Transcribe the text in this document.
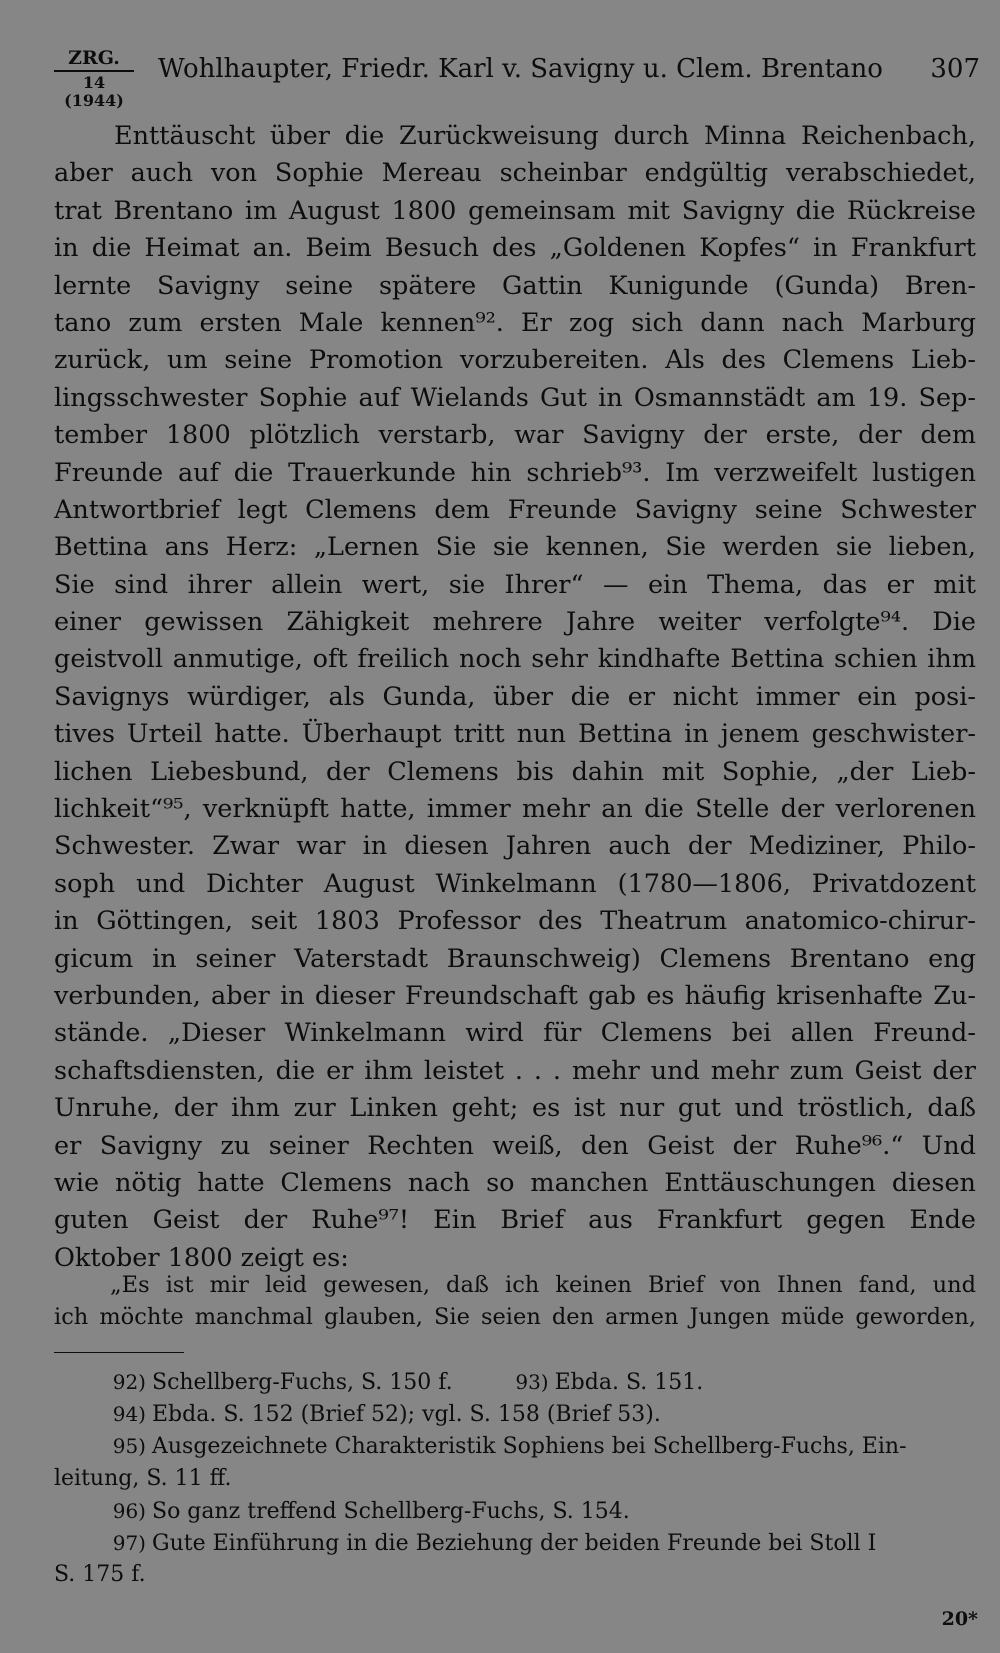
ZRG.
14 (1944)
Wohlhaupter, Friedr. Karl v. Savigny u. Clem. Brentano 307
Enttäuscht über die Zurückweisung durch Minna Reichenbach,
aber auch von Sophie Mereau scheinbar endgültig verabschiedet,
trat Brentano im August 1800 gemeinsam mit Savigny die Rückreise
in die Heimat an. Beim Besuch des „Goldenen Kopfes“ in Frankfurt
lernte Savigny seine spätere Gattin Kunigunde (Gunda) Bren-
tano zum ersten Male kennen⁹². Er zog sich dann nach Marburg
zurück, um seine Promotion vorzubereiten. Als des Clemens Lieb-
lingsschwester Sophie auf Wielands Gut in Osmannstädt am 19. Sep-
tember 1800 plötzlich verstarb, war Savigny der erste, der dem
Freunde auf die Trauerkunde hin schrieb⁹³. Im verzweifelt lustigen
Antwortbrief legt Clemens dem Freunde Savigny seine Schwester
Bettina ans Herz: „Lernen Sie sie kennen, Sie werden sie lieben,
Sie sind ihrer allein wert, sie Ihrer“ — ein Thema, das er mit
einer gewissen Zähigkeit mehrere Jahre weiter verfolgte⁹⁴. Die
geistvoll anmutige, oft freilich noch sehr kindhafte Bettina schien ihm
Savignys würdiger, als Gunda, über die er nicht immer ein posi-
tives Urteil hatte. Überhaupt tritt nun Bettina in jenem geschwister-
lichen Liebesbund, der Clemens bis dahin mit Sophie, „der Lieb-
lichkeit“⁹⁵, verknüpft hatte, immer mehr an die Stelle der verlorenen
Schwester. Zwar war in diesen Jahren auch der Mediziner, Philo-
soph und Dichter August Winkelmann (1780—1806, Privatdozent
in Göttingen, seit 1803 Professor des Theatrum anatomico-chirur-
gicum in seiner Vaterstadt Braunschweig) Clemens Brentano eng
verbunden, aber in dieser Freundschaft gab es häufig krisenhafte Zu-
stände. „Dieser Winkelmann wird für Clemens bei allen Freund-
schaftsdiensten, die er ihm leistet . . . mehr und mehr zum Geist der
Unruhe, der ihm zur Linken geht; es ist nur gut und tröstlich, daß
er Savigny zu seiner Rechten weiß, den Geist der Ruhe⁹⁶.“ Und
wie nötig hatte Clemens nach so manchen Enttäuschungen diesen
guten Geist der Ruhe⁹⁷! Ein Brief aus Frankfurt gegen Ende
Oktober 1800 zeigt es:
„Es ist mir leid gewesen, daß ich keinen Brief von Ihnen fand, und
ich möchte manchmal glauben, Sie seien den armen Jungen müde geworden,
92) Schellberg-Fuchs, S. 150 f.	93) Ebda. S. 151.
94) Ebda. S. 152 (Brief 52); vgl. S. 158 (Brief 53).
95) Ausgezeichnete Charakteristik Sophiens bei Schellberg-Fuchs, Ein-
leitung, S. 11 ff.
96) So ganz treffend Schellberg-Fuchs, S. 154.
97) Gute Einführung in die Beziehung der beiden Freunde bei Stoll I
S. 175 f.
20*
